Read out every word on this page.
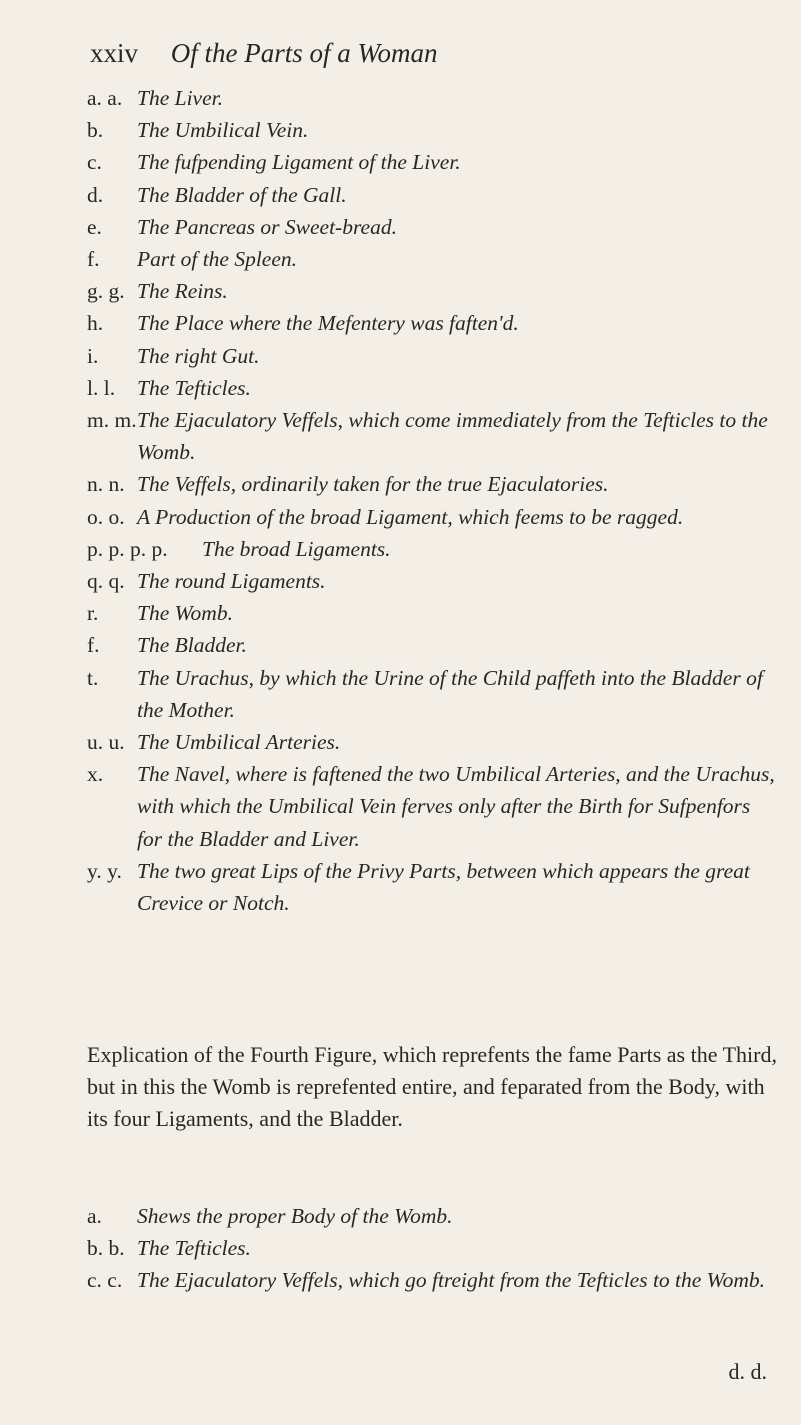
xxiv Of the Parts of a Woman
a. a. The Liver.
b.	The Umbilical Vein.
c.	The fufpending Ligament of the Liver.
d.	The Bladder of the Gall.
e.	The Pancreas or Sweet-bread.
f.	Part of the Spleen.
g. g. The Reins.
h.	The Place where the Mefentery was faften'd.
i.	The right Gut.
l. l.	The Tefticles.
m. m. The Ejaculatory Veffels, which come immediately from the Tefticles to the Womb.
n. n. The Veffels, ordinarily taken for the true Ejaculatories.
o. o. A Production of the broad Ligament, which feems to be ragged.
p. p. p. p.	The broad Ligaments.
q. q. The round Ligaments.
r.	The Womb.
f.	The Bladder.
t.	The Urachus, by which the Urine of the Child paffeth into the Bladder of the Mother.
u. u. The Umbilical Arteries.
x.	The Navel, where is faftened the two Umbilical Arteries, and the Urachus, with which the Umbilical Vein ferves only after the Birth for Sufpenfors for the Bladder and Liver.
y. y. The two great Lips of the Privy Parts, between which appears the great Crevice or Notch.
Explication of the Fourth Figure, which reprefents the fame Parts as the Third, but in this the Womb is reprefented entire, and feparated from the Body, with its four Ligaments, and the Bladder.
a.	Shews the proper Body of the Womb.
b. b. The Tefticles.
c. c. The Ejaculatory Veffels, which go ftreight from the Tefticles to the Womb.
d. d.
